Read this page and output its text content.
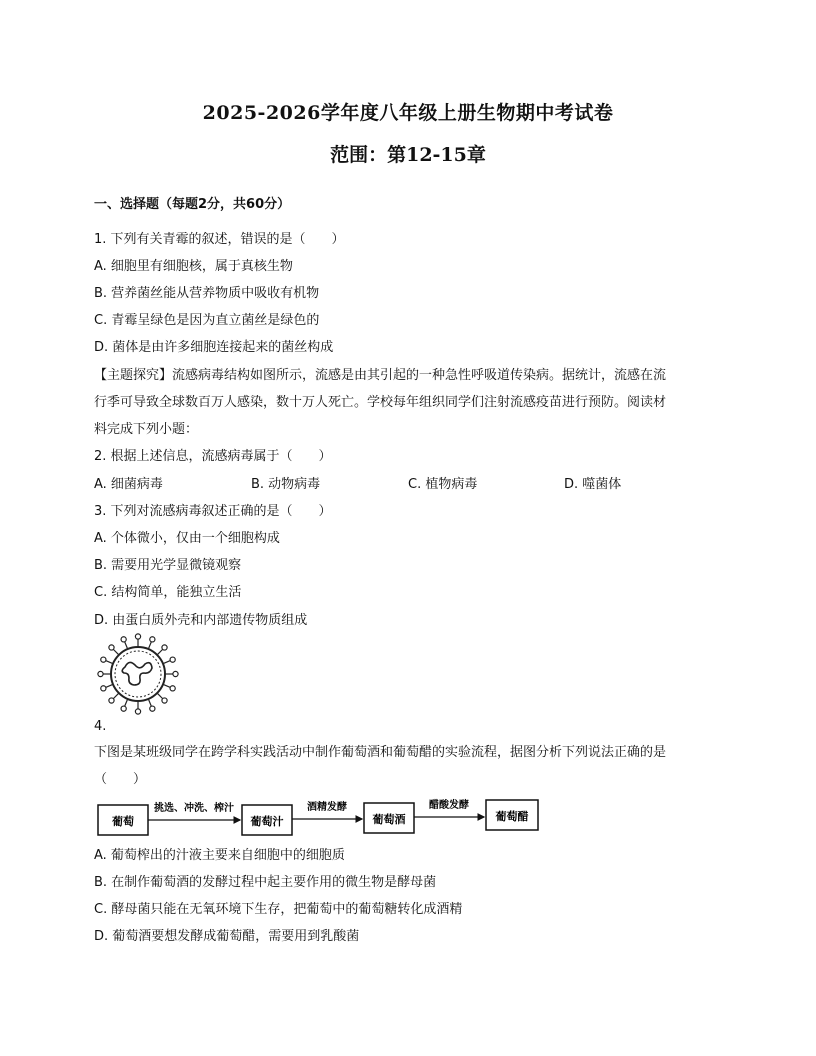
2025-2026学年度八年级上册生物期中考试卷
范围：第12-15章
一、选择题（每题2分，共60分）
1. 下列有关青霉的叙述，错误的是（　　）
A. 细胞里有细胞核，属于真核生物
B. 营养菌丝能从营养物质中吸收有机物
C. 青霉呈绿色是因为直立菌丝是绿色的
D. 菌体是由许多细胞连接起来的菌丝构成
【主题探究】流感病毒结构如图所示，流感是由其引起的一种急性呼吸道传染病。据统计，流感在流
行季可导致全球数百万人感染，数十万人死亡。学校每年组织同学们注射流感疫苗进行预防。阅读材
料完成下列小题：
2. 根据上述信息，流感病毒属于（　　）
A. 细菌病毒	B. 动物病毒	C. 植物病毒	D. 噬菌体
3. 下列对流感病毒叙述正确的是（　　）
A. 个体微小，仅由一个细胞构成
B. 需要用光学显微镜观察
C. 结构简单，能独立生活
D. 由蛋白质外壳和内部遗传物质组成
4.
下图是某班级同学在跨学科实践活动中制作葡萄酒和葡萄醋的实验流程，据图分析下列说法正确的是
（　　）
葡萄	葡萄汁	葡萄酒	葡萄醋
挑选、冲洗、榨汁	酒精发酵	醋酸发酵
A. 葡萄榨出的汁液主要来自细胞中的细胞质
B. 在制作葡萄酒的发酵过程中起主要作用的微生物是酵母菌
C. 酵母菌只能在无氧环境下生存，把葡萄中的葡萄糖转化成酒精
D. 葡萄酒要想发酵成葡萄醋，需要用到乳酸菌
